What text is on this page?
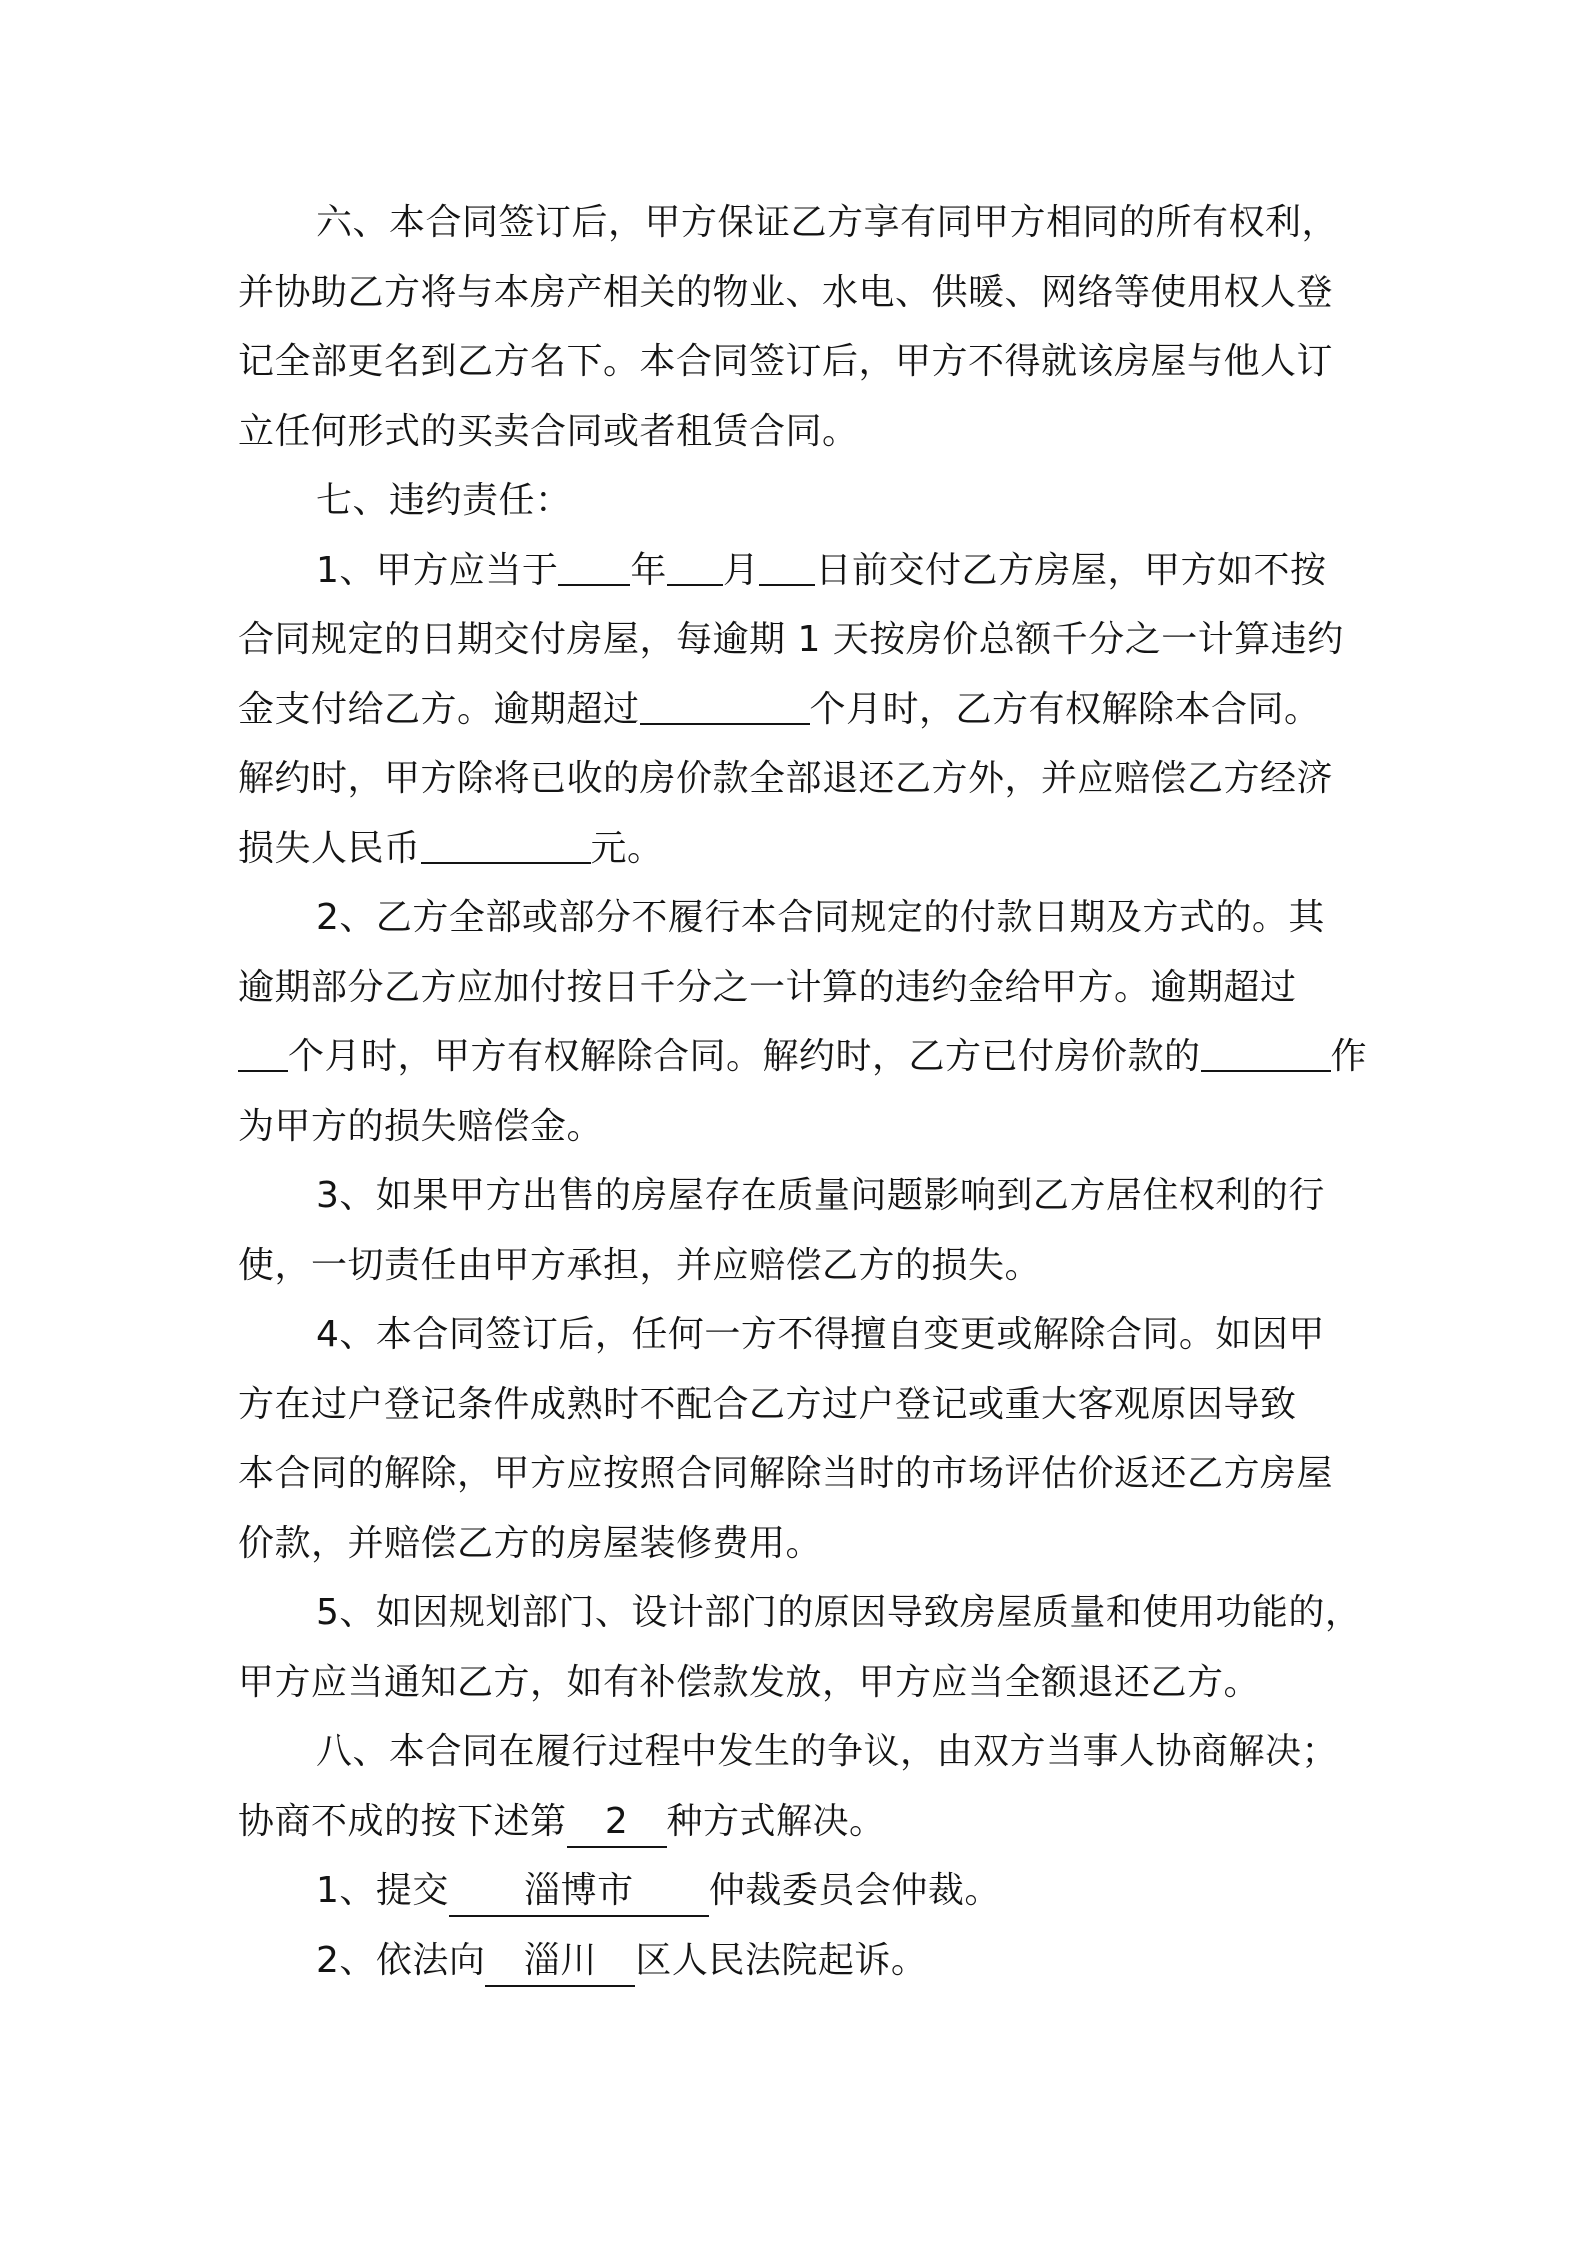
六、本合同签订后，甲方保证乙方享有同甲方相同的所有权利，
并协助乙方将与本房产相关的物业、水电、供暖、网络等使用权人登
记全部更名到乙方名下。本合同签订后，甲方不得就该房屋与他人订
立任何形式的买卖合同或者租赁合同。
七、违约责任：
1、甲方应当于 年 月 日前交付乙方房屋，甲方如不按
合同规定的日期交付房屋，每逾期 1 天按房价总额千分之一计算违约
金支付给乙方。逾期超过	个月时，乙方有权解除本合同。
解约时，甲方除将已收的房价款全部退还乙方外，并应赔偿乙方经济
损失人民币	元。
2、乙方全部或部分不履行本合同规定的付款日期及方式的。其
逾期部分乙方应加付按日千分之一计算的违约金给甲方。逾期超过
个月时，甲方有权解除合同。解约时，乙方已付房价款的	作
为甲方的损失赔偿金。
3、如果甲方出售的房屋存在质量问题影响到乙方居住权利的行
使，一切责任由甲方承担，并应赔偿乙方的损失。
4、本合同签订后，任何一方不得擅自变更或解除合同。如因甲
方在过户登记条件成熟时不配合乙方过户登记或重大客观原因导致
本合同的解除，甲方应按照合同解除当时的市场评估价返还乙方房屋
价款，并赔偿乙方的房屋装修费用。
5、如因规划部门、设计部门的原因导致房屋质量和使用功能的，
甲方应当通知乙方，如有补偿款发放，甲方应当全额退还乙方。
八、本合同在履行过程中发生的争议，由双方当事人协商解决；
协商不成的按下述第 2 种方式解决。
1、提交 淄博市 仲裁委员会仲裁。
2、依法向 淄川 区人民法院起诉。
